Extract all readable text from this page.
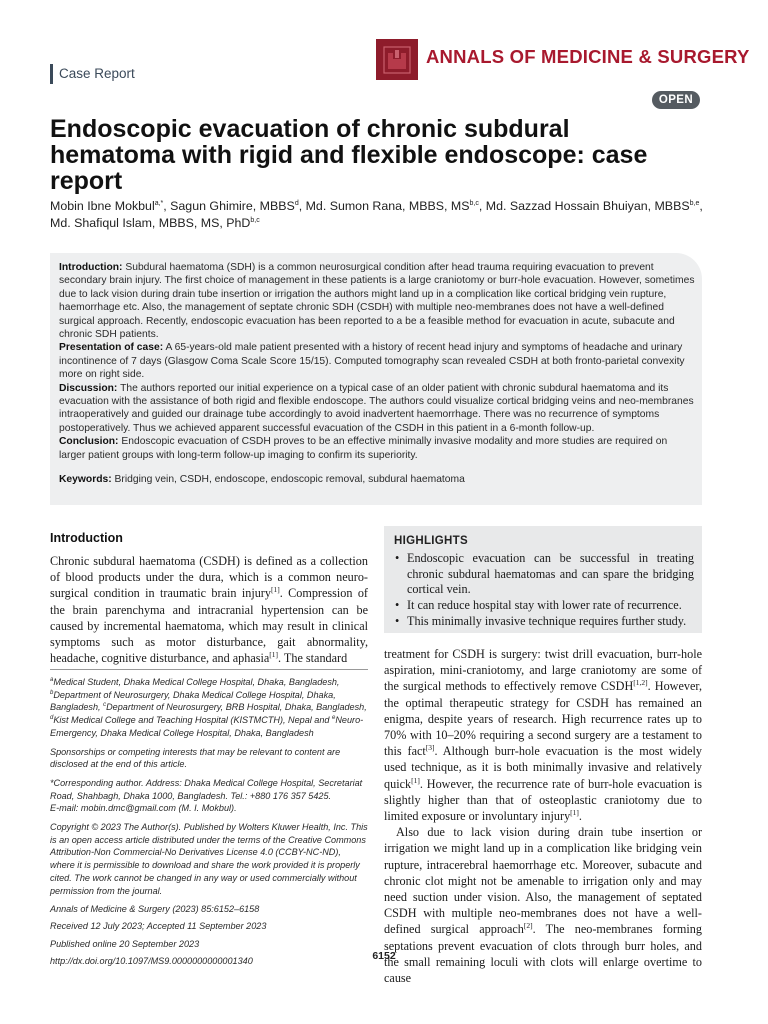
Case Report
ANNALS OF MEDICINE & SURGERY
OPEN
Endoscopic evacuation of chronic subdural hematoma with rigid and flexible endoscope: case report
Mobin Ibne Mokbul$^{a,*}$, Sagun Ghimire, MBBS$^d$, Md. Sumon Rana, MBBS, MS$^{b,c}$, Md. Sazzad Hossain Bhuiyan, MBBS$^{b,e}$, Md. Shafiqul Islam, MBBS, MS, PhD$^{b,c}$

Introduction: Subdural haematoma (SDH) is a common neurosurgical condition after head trauma requiring evacuation to prevent secondary brain injury. The first choice of management in these patients is a large craniotomy or burr-hole evacuation. However, sometimes due to lack vision during drain tube insertion or irrigation the authors might land up in a complication like cortical bridging vein rupture, haemorrhage etc. Also, the management of septate chronic SDH (CSDH) with multiple neo-membranes does not have a well-defined surgical approach. Recently, endoscopic evacuation has been reported to a be a feasible method for evacuation in acute, subacute and chronic SDH patients.

Presentation of case: A 65-years-old male patient presented with a history of recent head injury and symptoms of headache and urinary incontinence of 7 days (Glasgow Coma Scale Score 15/15). Computed tomography scan revealed CSDH at both fronto-parietal convexity more on right side.

Discussion: The authors reported our initial experience on a typical case of an older patient with chronic subdural haematoma and its evacuation with the assistance of both rigid and flexible endoscope. The authors could visualize cortical bridging veins and neo-membranes intraoperatively and guided our drainage tube accordingly to avoid inadvertent haemorrhage. There was no recurrence of symptoms postoperatively. Thus we achieved apparent successful evacuation of the CSDH in this patient in a 6-month follow-up.

Conclusion: Endoscopic evacuation of CSDH proves to be an effective minimally invasive modality and more studies are required on larger patient groups with long-term follow-up imaging to confirm its superiority.

Keywords: Bridging vein, CSDH, endoscope, endoscopic removal, subdural haematoma

Introduction

Chronic subdural haematoma (CSDH) is defined as a collection of blood products under the dura, which is a common neuro-surgical condition in traumatic brain injury[1]. Compression of the brain parenchyma and intracranial hypertension can be caused by incremental haematoma, which may result in clinical symptoms such as motor disturbance, gait abnormality, headache, cognitive disturbance, and aphasia[1]. The standard

HIGHLIGHTS
• Endoscopic evacuation can be successful in treating chronic subdural haematomas and can spare the bridging cortical vein.
• It can reduce hospital stay with lower rate of recurrence.
• This minimally invasive technique requires further study.

treatment for CSDH is surgery: twist drill evacuation, burr-hole aspiration, mini-craniotomy, and large craniotomy are some of the surgical methods to effectively remove CSDH[1,2]. However, the optimal therapeutic strategy for CSDH has remained an enigma, despite years of research. High recurrence rates up to 70% with 10–20% requiring a second surgery are a testament to this fact[3]. Although burr-hole evacuation is the most widely used technique, as it is both minimally invasive and relatively quick[1]. However, the recurrence rate of burr-hole evacuation is slightly higher than that of osteoplastic craniotomy due to limited exposure or involuntary injury[1].

Also due to lack vision during drain tube insertion or irrigation we might land up in a complication like bridging vein rupture, intracerebral haemorrhage etc. Moreover, subacute and chronic clot might not be amenable to irrigation only and may need suction under vision. Also, the management of septated CSDH with multiple neo-membranes does not have a well-defined surgical approach[2]. The neo-membranes forming septations prevent evacuation of clots through burr holes, and the small remaining loculi with clots will enlarge overtime to cause

$^a$Medical Student, Dhaka Medical College Hospital, Dhaka, Bangladesh, $^b$Department of Neurosurgery, Dhaka Medical College Hospital, Dhaka, Bangladesh, $^c$Department of Neurosurgery, BRB Hospital, Dhaka, Bangladesh, $^d$Kist Medical College and Teaching Hospital (KISTMCTH), Nepal and $^e$Neuro-Emergency, Dhaka Medical College Hospital, Dhaka, Bangladesh

Sponsorships or competing interests that may be relevant to content are disclosed at the end of this article.

*Corresponding author. Address: Dhaka Medical College Hospital, Secretariat Road, Shahbagh, Dhaka 1000, Bangladesh. Tel.: +880 176 357 5425.
E-mail: mobin.dmc@gmail.com (M. I. Mokbul).

Copyright © 2023 The Author(s). Published by Wolters Kluwer Health, Inc. This is an open access article distributed under the terms of the Creative Commons Attribution-Non Commercial-No Derivatives License 4.0 (CCBY-NC-ND), where it is permissible to download and share the work provided it is properly cited. The work cannot be changed in any way or used commercially without permission from the journal.

Annals of Medicine & Surgery (2023) 85:6152–6158

Received 12 July 2023; Accepted 11 September 2023

Published online 20 September 2023

http://dx.doi.org/10.1097/MS9.0000000000001340	6152
